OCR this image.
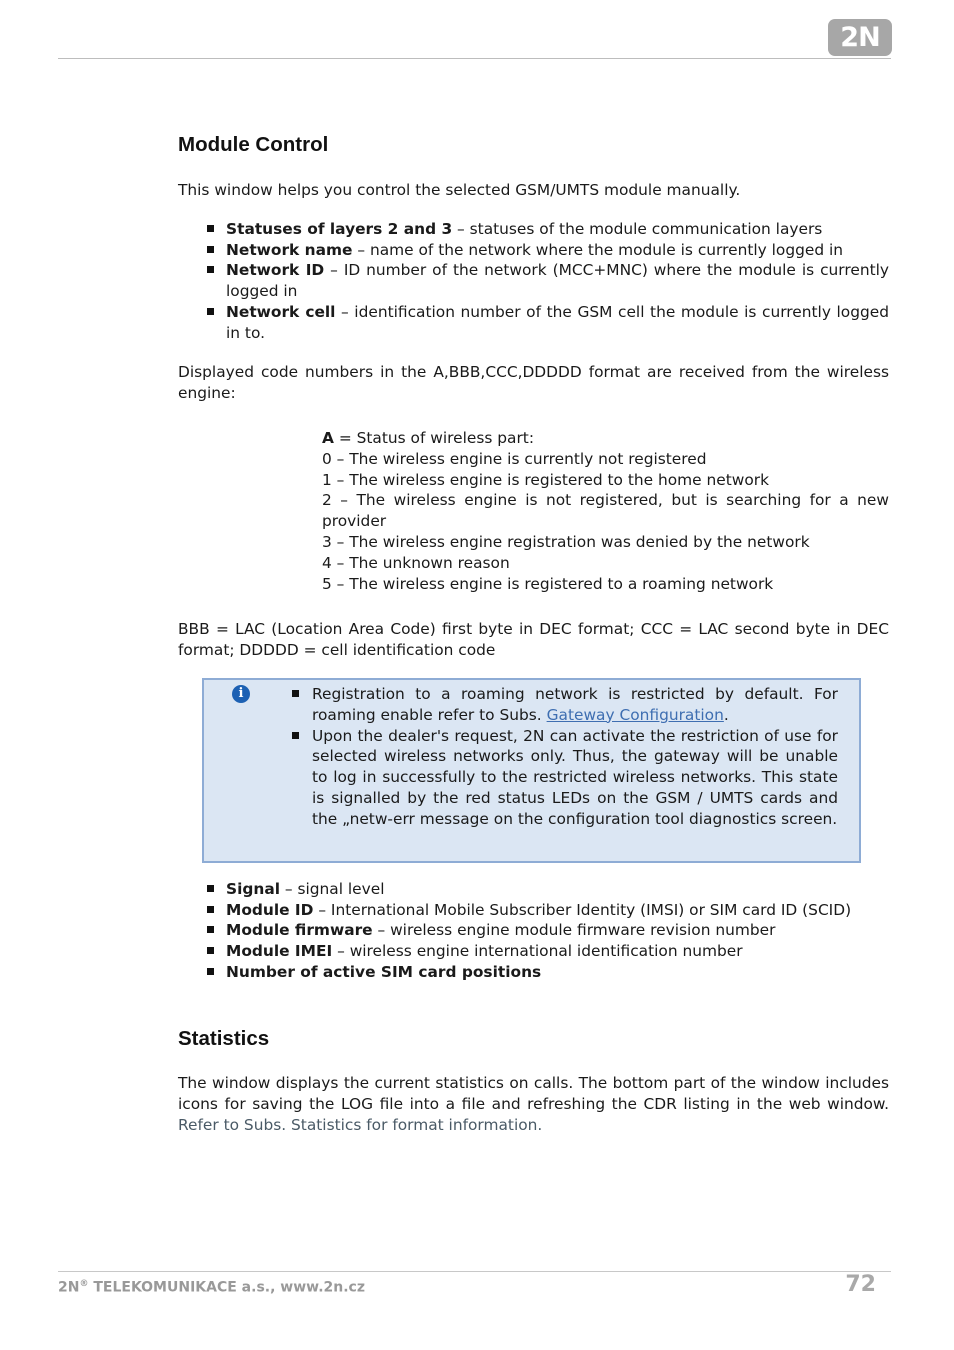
2N
Module Control

This window helps you control the selected GSM/UMTS module manually.

Statuses of layers 2 and 3 – statuses of the module communication layers
Network name – name of the network where the module is currently logged in
Network ID – ID number of the network (MCC+MNC) where the module is currently logged in
Network cell – identification number of the GSM cell the module is currently logged in to.

Displayed code numbers in the A,BBB,CCC,DDDDD format are received from the wireless engine:

A = Status of wireless part:
0 – The wireless engine is currently not registered
1 – The wireless engine is registered to the home network
2 – The wireless engine is not registered, but is searching for a new provider
3 – The wireless engine registration was denied by the network
4 – The unknown reason
5 – The wireless engine is registered to a roaming network

BBB = LAC (Location Area Code) first byte in DEC format; CCC = LAC second byte in DEC format; DDDDD = cell identification code

i	Registration to a roaming network is restricted by default. For roaming enable refer to Subs. Gateway Configuration.
Upon the dealer's request, 2N can activate the restriction of use for selected wireless networks only. Thus, the gateway will be unable to log in successfully to the restricted wireless networks. This state is signalled by the red status LEDs on the GSM / UMTS cards and the „netw-err message on the configuration tool diagnostics screen.
Signal – signal level
Module ID – International Mobile Subscriber Identity (IMSI) or SIM card ID (SCID)
Module firmware – wireless engine module firmware revision number
Module IMEI – wireless engine international identification number
Number of active SIM card positions
Statistics

The window displays the current statistics on calls. The bottom part of the window includes icons for saving the LOG file into a file and refreshing the CDR listing in the web window. Refer to Subs. Statistics for format information.

2N® TELEKOMUNIKACE a.s., www.2n.cz	72
